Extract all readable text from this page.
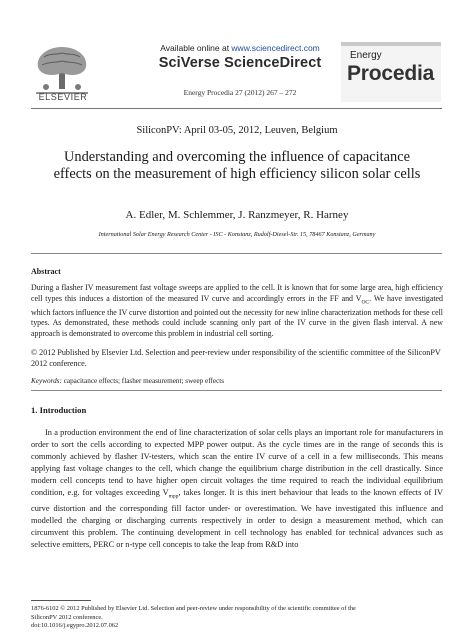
ELSEVIER
Available online at www.sciencedirect.com
SciVerse ScienceDirect
Energy Procedia 27 (2012) 267 – 272
Energy
Procedia
SiliconPV: April 03-05, 2012, Leuven, Belgium
Understanding and overcoming the influence of capacitance effects on the measurement of high efficiency silicon solar cells
A. Edler, M. Schlemmer, J. Ranzmeyer, R. Harney
International Solar Energy Research Center - ISC - Konstanz, Rudolf-Diesel-Str. 15, 78467 Konstanz, Germany
Abstract
During a flasher IV measurement fast voltage sweeps are applied to the cell. It is known that for some large area, high efficiency cell types this induces a distortion of the measured IV curve and accordingly errors in the FF and $V_{OC}$. We have investigated which factors influence the IV curve distortion and pointed out the necessity for new inline characterization methods for these cell types. As demonstrated, these methods could include scanning only part of the IV curve in the given flash interval. A new approach is demonstrated to overcome this problem in industrial cell sorting.
© 2012 Published by Elsevier Ltd. Selection and peer-review under responsibility of the scientific committee of the SiliconPV 2012 conference.
Keywords: capacitance effects; flasher measurement; sweep effects
1. Introduction
In a production environment the end of line characterization of solar cells plays an important role for manufacturers in order to sort the cells according to expected MPP power output. As the cycle times are in the range of seconds this is commonly achieved by flasher IV-testers, which scan the entire IV curve of a cell in a few milliseconds. This means applying fast voltage changes to the cell, which change the equilibrium charge distribution in the cell drastically. Since modern cell concepts tend to have higher open circuit voltages the time required to reach the individual equilibrium condition, e.g. for voltages exceeding $V_{mpp}$, takes longer. It is this inert behaviour that leads to the known effects of IV curve distortion and the corresponding fill factor under- or overestimation. We have investigated this influence and modelled the charging or discharging currents respectively in order to design a measurement method, which can circumvent this problem. The continuing development in cell technology has enabled for technical advances such as selective emitters, PERC or n-type cell concepts to take the leap from R&D into
1876-6102 © 2012 Published by Elsevier Ltd. Selection and peer-review under responsibility of the scientific committee of the
SiliconPV 2012 conference.
doi:10.1016/j.egypro.2012.07.062
